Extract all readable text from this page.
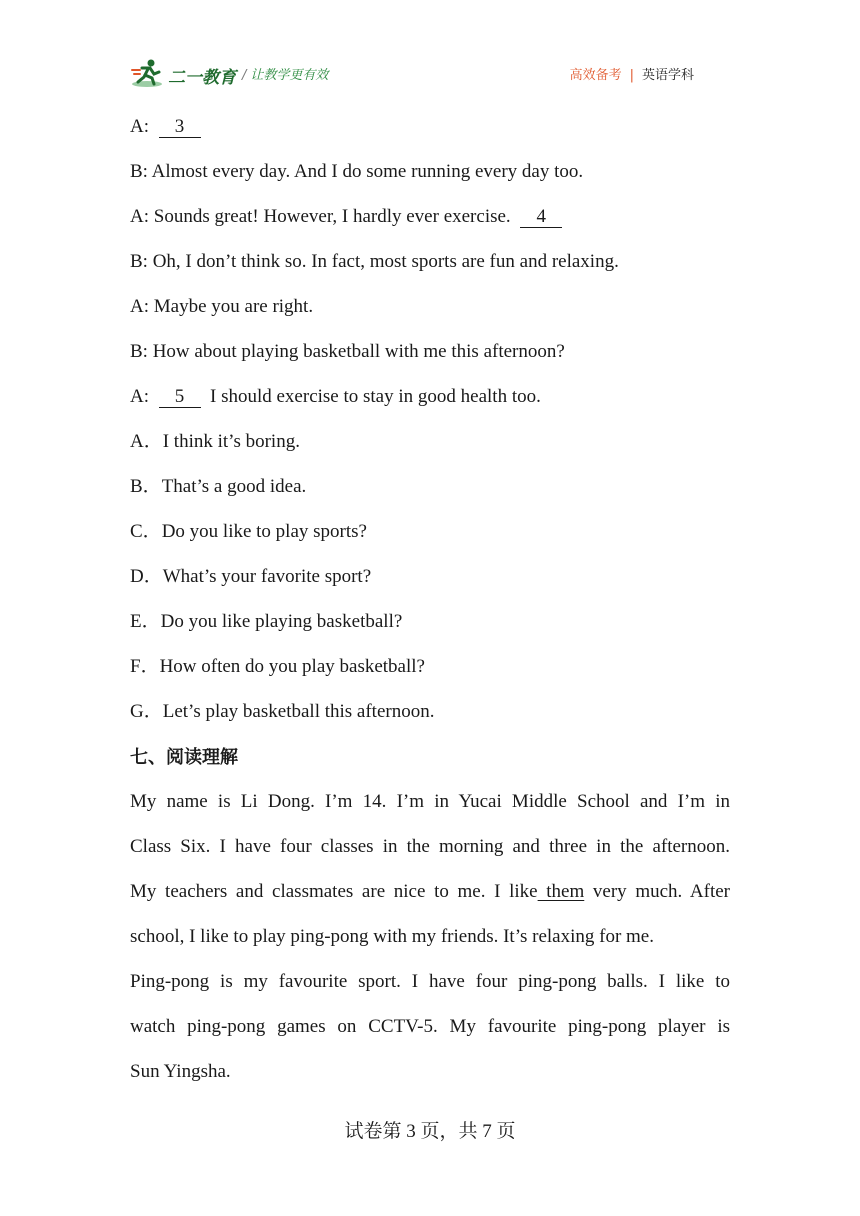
二一教育 / 让教学更有效	高效备考 | 英语学科
A: 3
B: Almost every day. And I do some running every day too.
A: Sounds great! However, I hardly ever exercise. 4
B: Oh, I don’t think so. In fact, most sports are fun and relaxing.
A: Maybe you are right.
B: How about playing basketball with me this afternoon?
A: 5 I should exercise to stay in good health too.
A．I think it’s boring.
B．That’s a good idea.
C．Do you like to play sports?
D．What’s your favorite sport?
E．Do you like playing basketball?
F．How often do you play basketball?
G．Let’s play basketball this afternoon.
七、阅读理解
My name is Li Dong. I’m 14. I’m in Yucai Middle School and I’m in
Class Six. I have four classes in the morning and three in the afternoon.
My teachers and classmates are nice to me. I like them very much. After
school, I like to play ping-pong with my friends. It’s relaxing for me.
Ping-pong is my favourite sport. I have four ping-pong balls. I like to
watch ping-pong games on CCTV-5. My favourite ping-pong player is
Sun Yingsha.
试卷第 3 页，共 7 页
